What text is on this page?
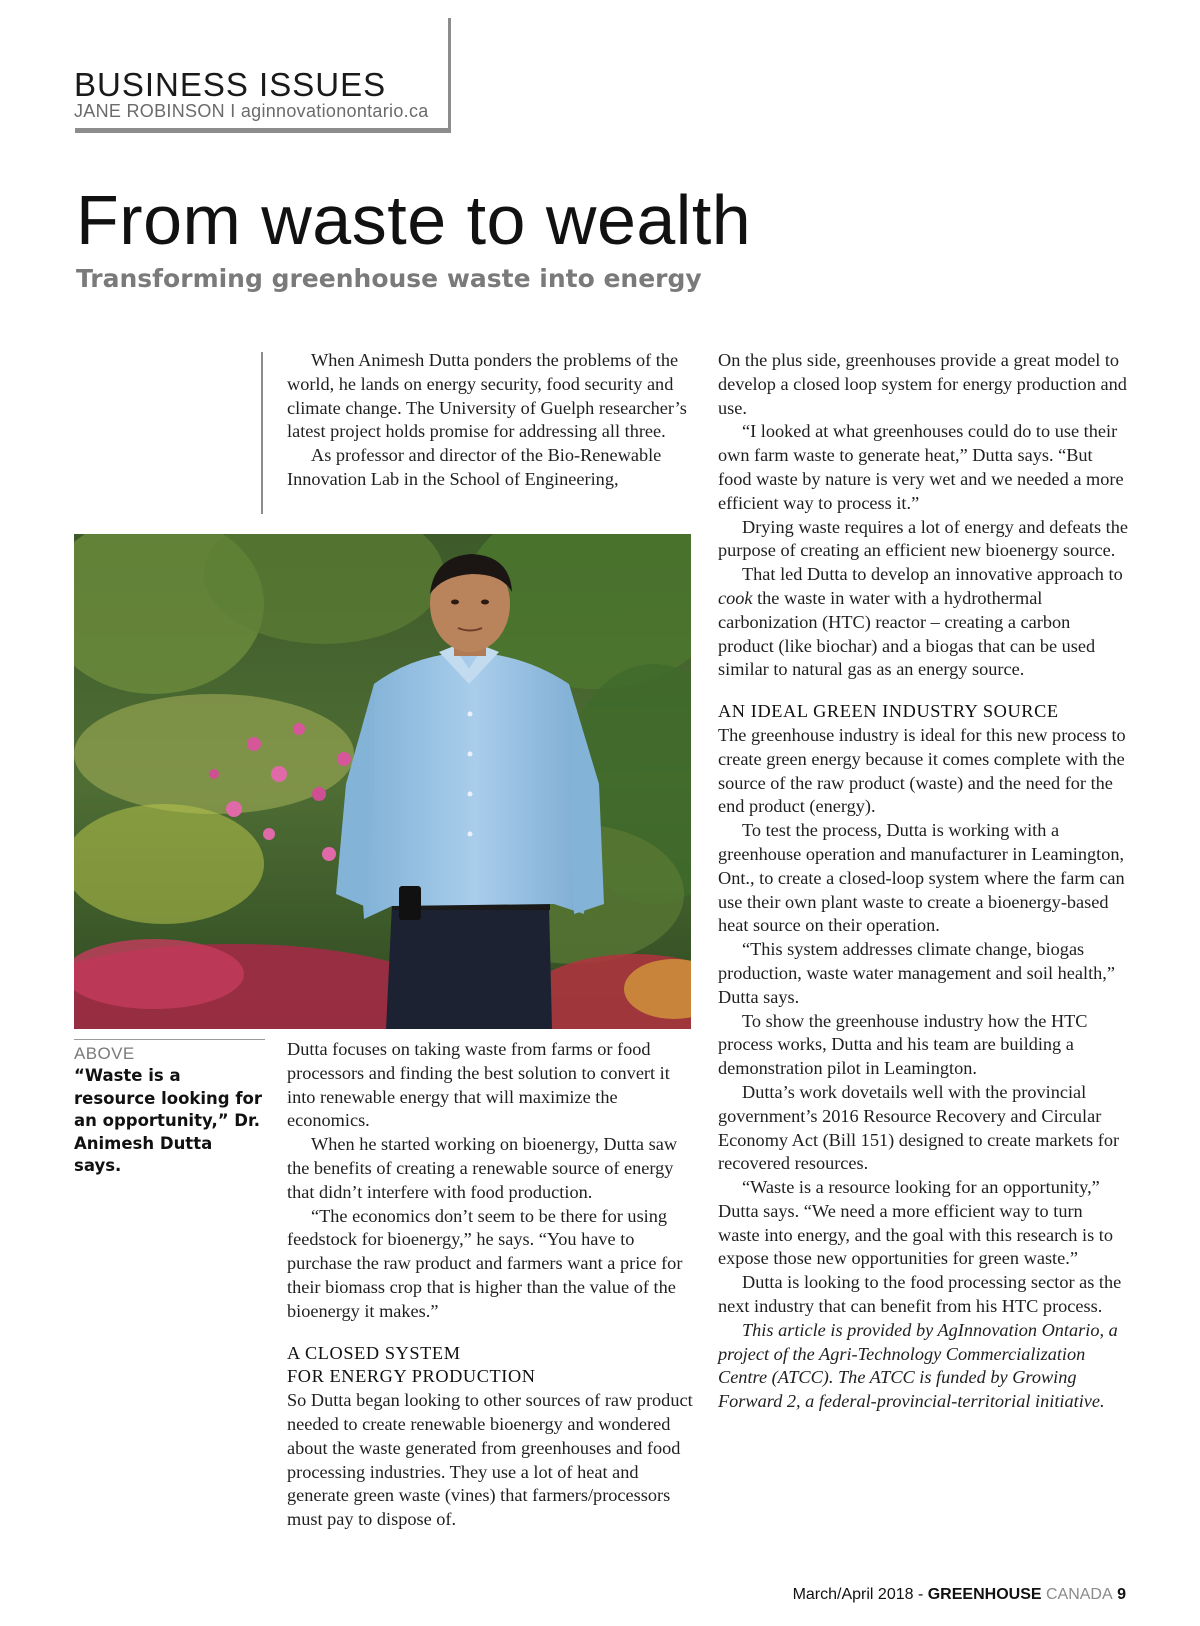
BUSINESS ISSUES
JANE ROBINSON I aginnovationontario.ca
From waste to wealth
Transforming greenhouse waste into energy

When Animesh Dutta ponders the problems of the world, he lands on energy security, food security and climate change. The University of Guelph researcher’s latest project holds promise for addressing all three.

As professor and director of the Bio-Renewable Innovation Lab in the School of Engineering,

ABOVE
“Waste is a resource looking for an opportunity,” Dr. Animesh Dutta says.

Dutta focuses on taking waste from farms or food processors and finding the best solution to convert it into renewable energy that will maximize the economics.

When he started working on bioenergy, Dutta saw the benefits of creating a renewable source of energy that didn’t interfere with food production.

“The economics don’t seem to be there for using feedstock for bioenergy,” he says. “You have to purchase the raw product and farmers want a price for their biomass crop that is higher than the value of the bioenergy it makes.”

A CLOSED SYSTEM
FOR ENERGY PRODUCTION

So Dutta began looking to other sources of raw product needed to create renewable bioenergy and wondered about the waste generated from greenhouses and food processing industries. They use a lot of heat and generate green waste (vines) that farmers/processors must pay to dispose of.

On the plus side, greenhouses provide a great model to develop a closed loop system for energy production and use.

“I looked at what greenhouses could do to use their own farm waste to generate heat,” Dutta says. “But food waste by nature is very wet and we needed a more efficient way to process it.”

Drying waste requires a lot of energy and defeats the purpose of creating an efficient new bioenergy source.

That led Dutta to develop an innovative approach to cook the waste in water with a hydrothermal carbonization (HTC) reactor – creating a carbon product (like biochar) and a biogas that can be used similar to natural gas as an energy source.

AN IDEAL GREEN INDUSTRY SOURCE

The greenhouse industry is ideal for this new process to create green energy because it comes complete with the source of the raw product (waste) and the need for the end product (energy).

To test the process, Dutta is working with a greenhouse operation and manufacturer in Leamington, Ont., to create a closed-loop system where the farm can use their own plant waste to create a bioenergy-based heat source on their operation.

“This system addresses climate change, biogas production, waste water management and soil health,” Dutta says.

To show the greenhouse industry how the HTC process works, Dutta and his team are building a demonstration pilot in Leamington.

Dutta’s work dovetails well with the provincial government’s 2016 Resource Recovery and Circular Economy Act (Bill 151) designed to create markets for recovered resources.

“Waste is a resource looking for an opportunity,” Dutta says. “We need a more efficient way to turn waste into energy, and the goal with this research is to expose those new opportunities for green waste.”

Dutta is looking to the food processing sector as the next industry that can benefit from his HTC process.

This article is provided by AgInnovation Ontario, a project of the Agri-Technology Commercialization Centre (ATCC). The ATCC is funded by Growing Forward 2, a federal-provincial-territorial initiative.

March/April 2018 - GREENHOUSE CANADA 9
